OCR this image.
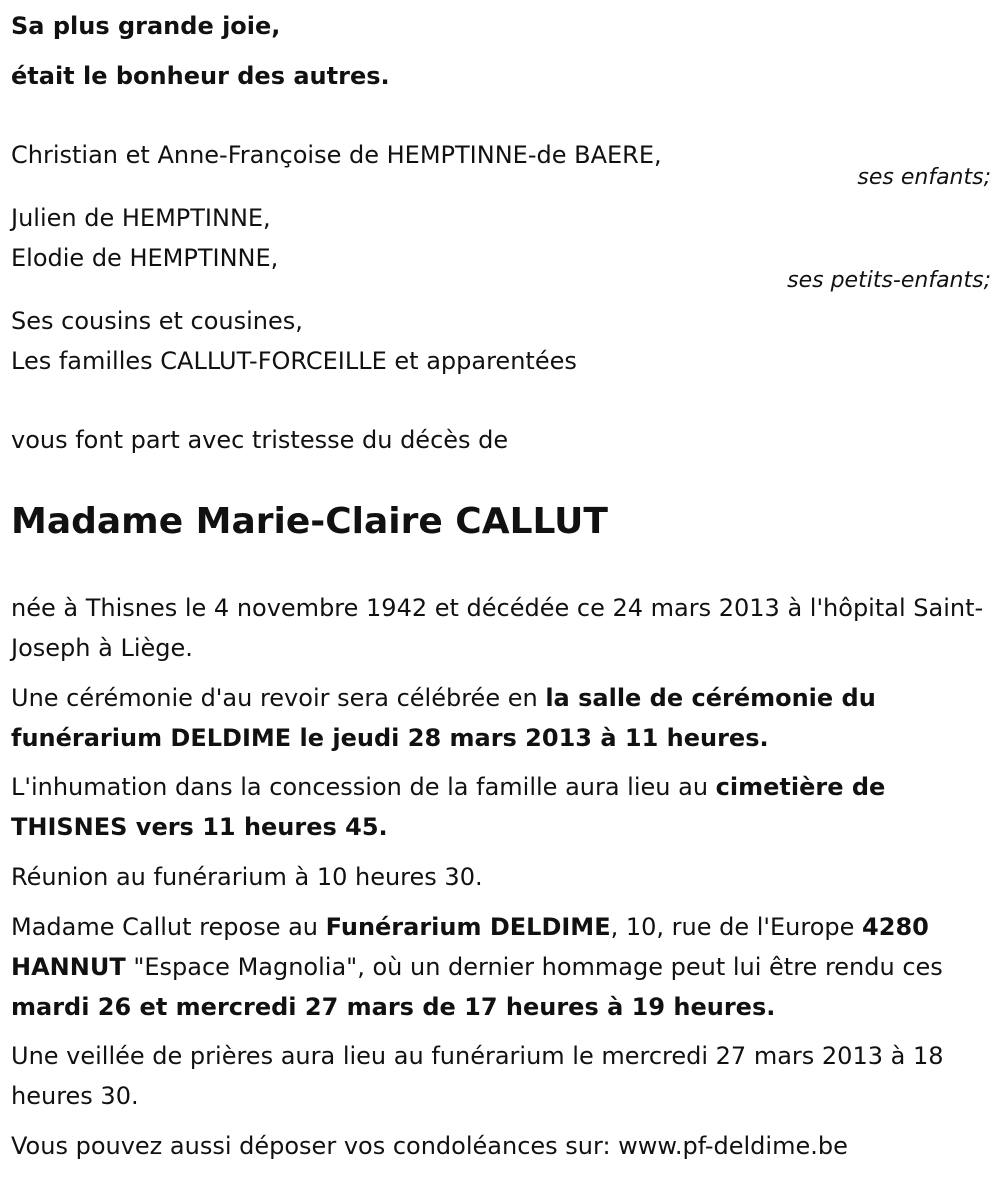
Sa plus grande joie,
était le bonheur des autres.
Christian et Anne-Françoise de HEMPTINNE-de BAERE,
ses enfants;
Julien de HEMPTINNE,
Elodie de HEMPTINNE,
ses petits-enfants;
Ses cousins et cousines,
Les familles CALLUT-FORCEILLE et apparentées
vous font part avec tristesse du décès de
Madame Marie-Claire CALLUT
née à Thisnes le 4 novembre 1942 et décédée ce 24 mars 2013 à l'hôpital Saint-Joseph à Liège.
Une cérémonie d'au revoir sera célébrée en la salle de cérémonie du funérarium DELDIME le jeudi 28 mars 2013 à 11 heures.
L'inhumation dans la concession de la famille aura lieu au cimetière de THISNES vers 11 heures 45.
Réunion au funérarium à 10 heures 30.
Madame Callut repose au Funérarium DELDIME, 10, rue de l'Europe 4280 HANNUT "Espace Magnolia", où un dernier hommage peut lui être rendu ces mardi 26 et mercredi 27 mars de 17 heures à 19 heures.
Une veillée de prières aura lieu au funérarium le mercredi 27 mars 2013 à 18 heures 30.
Vous pouvez aussi déposer vos condoléances sur: www.pf-deldime.be
